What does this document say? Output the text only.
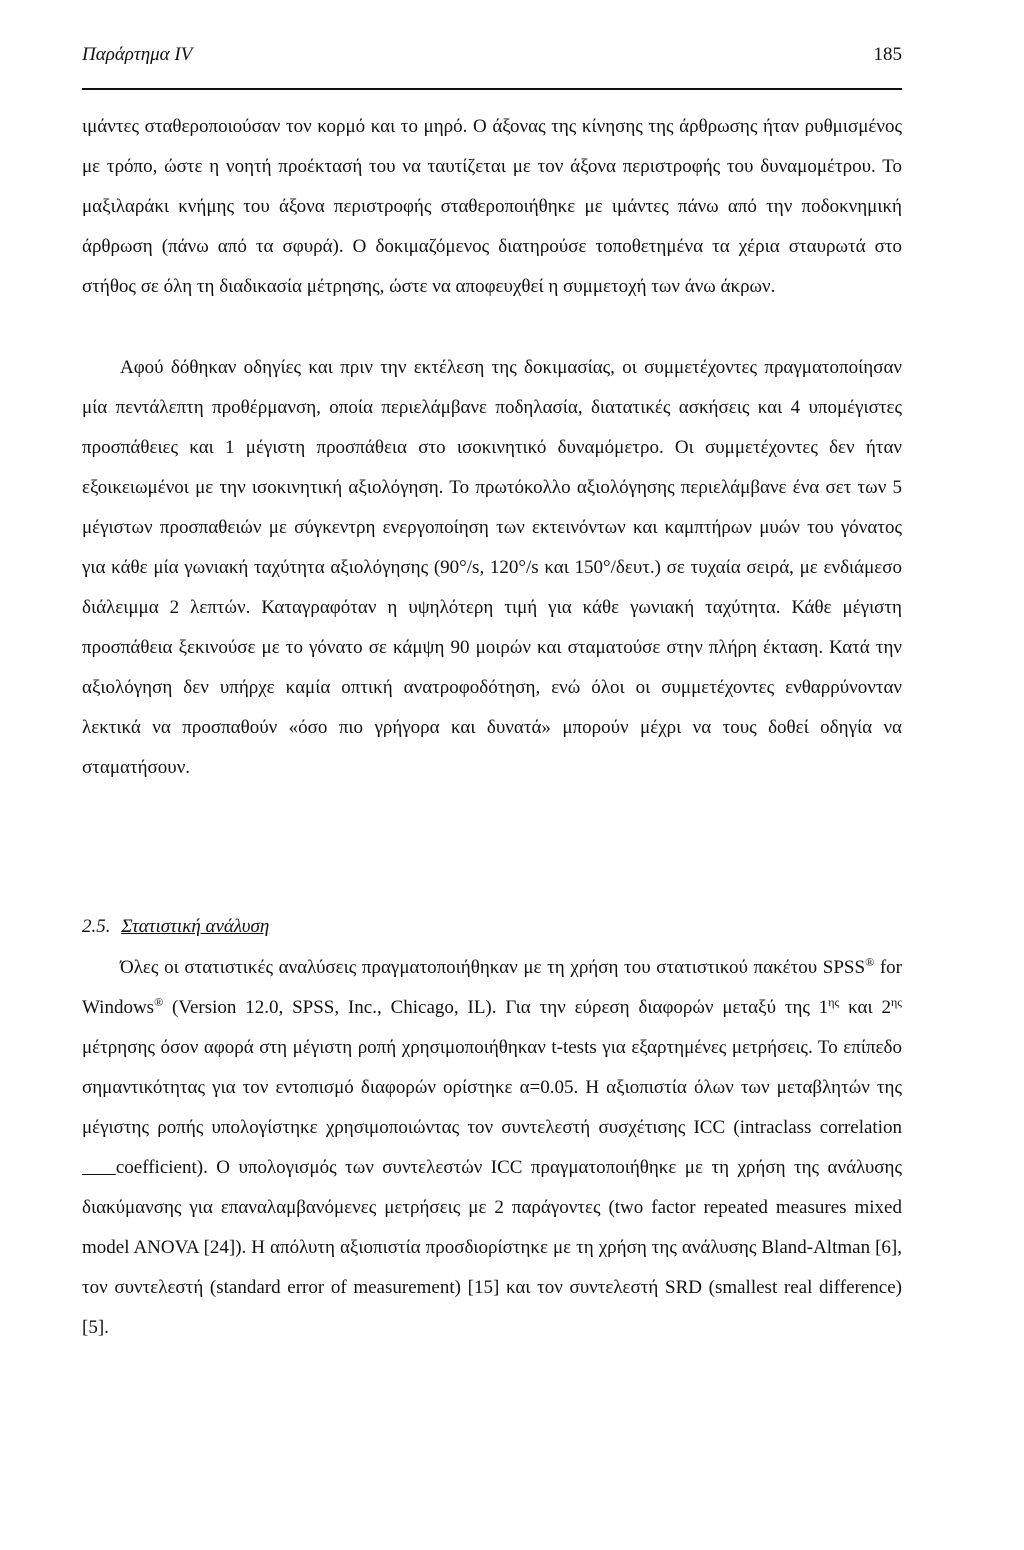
Παράρτημα IV	185
ιμάντες σταθεροποιούσαν τον κορμό και το μηρό. Ο άξονας της κίνησης της άρθρωσης ήταν ρυθμισμένος με τρόπο, ώστε η νοητή προέκτασή του να ταυτίζεται με τον άξονα περιστροφής του δυναμομέτρου. Το μαξιλαράκι κνήμης του άξονα περιστροφής σταθεροποιήθηκε με ιμάντες πάνω από την ποδοκνημική άρθρωση (πάνω από τα σφυρά). Ο δοκιμαζόμενος διατηρούσε τοποθετημένα τα χέρια σταυρωτά στο στήθος σε όλη τη διαδικασία μέτρησης, ώστε να αποφευχθεί η συμμετοχή των άνω άκρων.
Αφού δόθηκαν οδηγίες και πριν την εκτέλεση της δοκιμασίας, οι συμμετέχοντες πραγματοποίησαν μία πεντάλεπτη προθέρμανση, οποία περιελάμβανε ποδηλασία, διατατικές ασκήσεις και 4 υπομέγιστες προσπάθειες και 1 μέγιστη προσπάθεια στο ισοκινητικό δυναμόμετρο. Οι συμμετέχοντες δεν ήταν εξοικειωμένοι με την ισοκινητική αξιολόγηση. Το πρωτόκολλο αξιολόγησης περιελάμβανε ένα σετ των 5 μέγιστων προσπαθειών με σύγκεντρη ενεργοποίηση των εκτεινόντων και καμπτήρων μυών του γόνατος για κάθε μία γωνιακή ταχύτητα αξιολόγησης (90°/s, 120°/s και 150°/δευτ.) σε τυχαία σειρά, με ενδιάμεσο διάλειμμα 2 λεπτών. Καταγραφόταν η υψηλότερη τιμή για κάθε γωνιακή ταχύτητα. Κάθε μέγιστη προσπάθεια ξεκινούσε με το γόνατο σε κάμψη 90 μοιρών και σταματούσε στην πλήρη έκταση. Κατά την αξιολόγηση δεν υπήρχε καμία οπτική ανατροφοδότηση, ενώ όλοι οι συμμετέχοντες ενθαρρύνονταν λεκτικά να προσπαθούν «όσο πιο γρήγορα και δυνατά» μπορούν μέχρι να τους δοθεί οδηγία να σταματήσουν.
2.5. Στατιστική ανάλυση
Όλες οι στατιστικές αναλύσεις πραγματοποιήθηκαν με τη χρήση του στατιστικού πακέτου SPSS® for Windows® (Version 12.0, SPSS, Inc., Chicago, IL). Για την εύρεση διαφορών μεταξύ της $1^{\eta\varsigma}$ και $2^{\eta\varsigma}$ μέτρησης όσον αφορά στη μέγιστη ροπή χρησιμοποιήθηκαν t-tests για εξαρτημένες μετρήσεις. Το επίπεδο σημαντικότητας για τον εντοπισμό διαφορών ορίστηκε α=0.05. Η αξιοπιστία όλων των μεταβλητών της μέγιστης ροπής υπολογίστηκε χρησιμοποιώντας τον συντελεστή συσχέτισης ICC (intraclass correlation    coefficient). Ο υπολογισμός των συντελεστών ICC πραγματοποιήθηκε με τη χρήση της ανάλυσης διακύμανσης για επαναλαμβανόμενες μετρήσεις με 2 παράγοντες (two factor repeated measures mixed model ANOVA [24]). Η απόλυτη αξιοπιστία προσδιορίστηκε με τη χρήση της ανάλυσης Bland-Altman [6], τον συντελεστή (standard error of measurement) [15] και τον συντελεστή SRD (smallest real difference) [5].
